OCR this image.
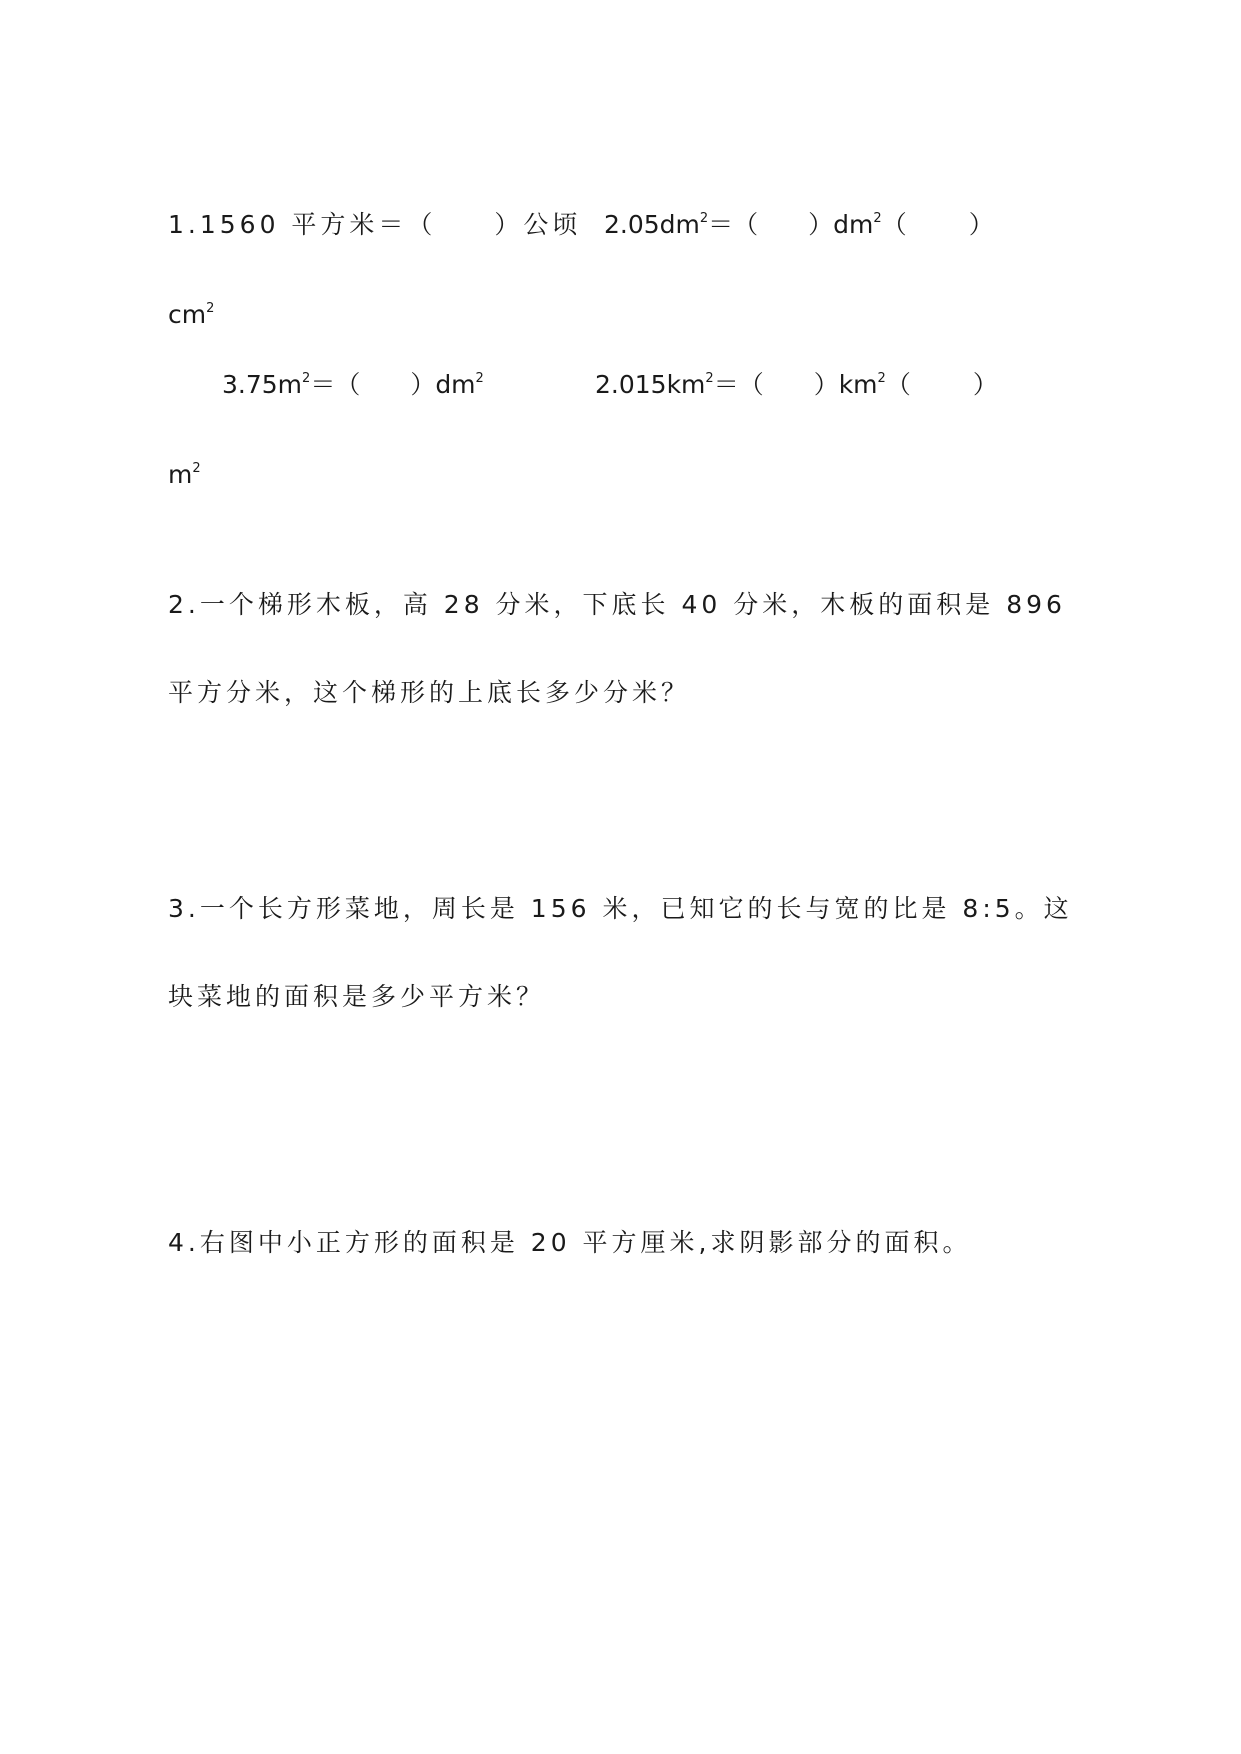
1.1560 平方米＝（　　）公顷 $2.05dm^2=$（　　）$dm^2$（　　）
$cm^2$
$3.75m^2=$（　　）$dm^2$	$2.015km^2=$（　　）$km^2$（　　）
$m^2$
2.一个梯形木板，高 28 分米，下底长 40 分米，木板的面积是 896
平方分米，这个梯形的上底长多少分米？
3.一个长方形菜地，周长是 156 米，已知它的长与宽的比是 8:5。这
块菜地的面积是多少平方米？
4.右图中小正方形的面积是 20 平方厘米,求阴影部分的面积。
